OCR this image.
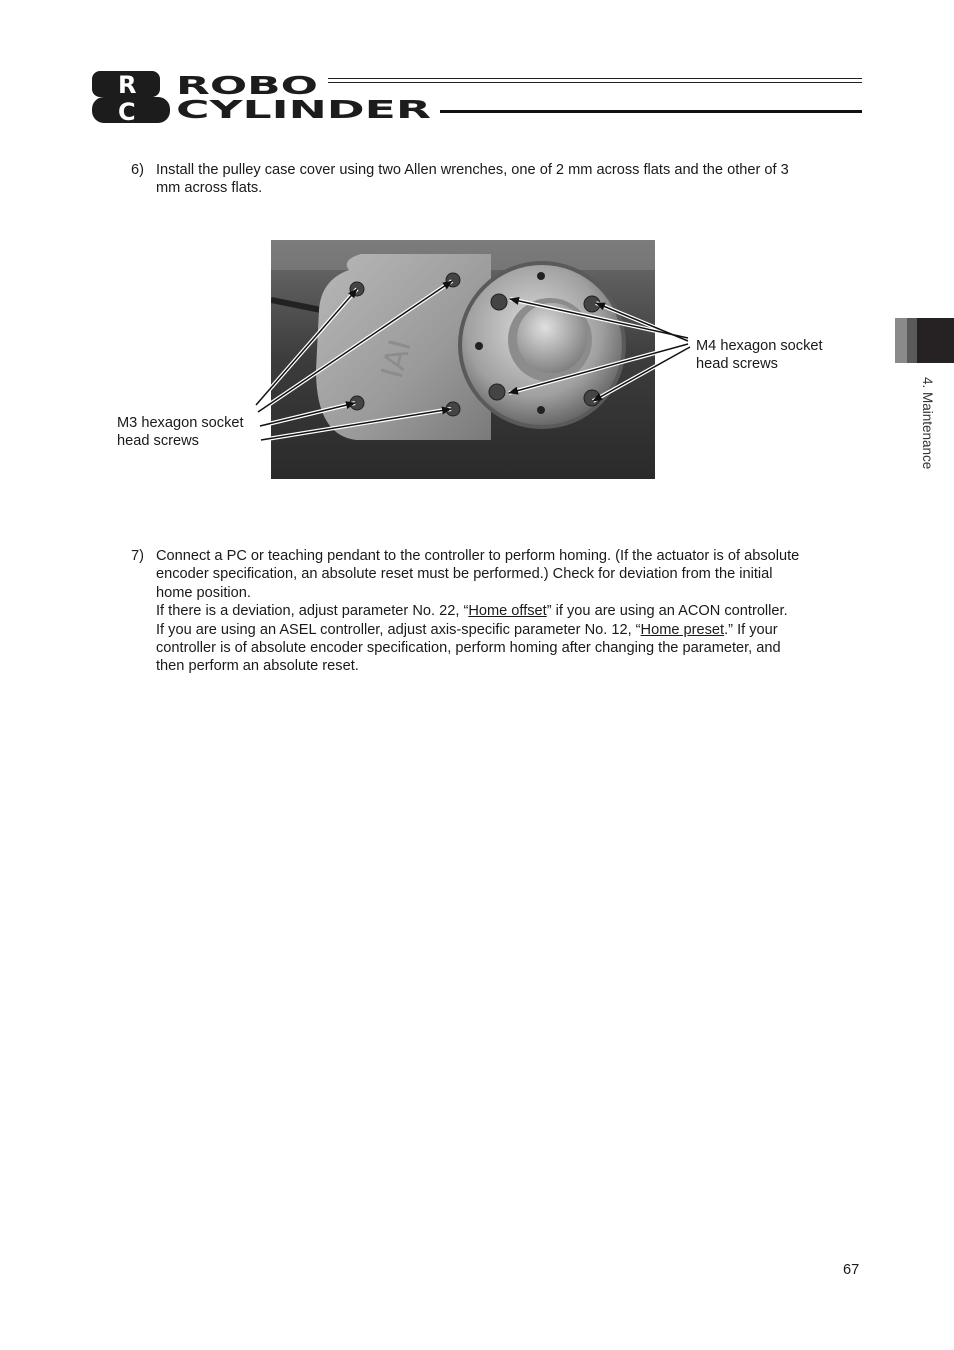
R
C
ROBO
CYLINDER
6) Install the pulley case cover using two Allen wrenches, one of 2 mm across flats and the other of 3
mm across flats.
IAI	M4 hexagon socket
head screws
M3 hexagon socket
head screws
7) Connect a PC or teaching pendant to the controller to perform homing. (If the actuator is of absolute
encoder specification, an absolute reset must be performed.) Check for deviation from the initial
home position.
If there is a deviation, adjust parameter No. 22, “Home offset” if you are using an ACON controller.
If you are using an ASEL controller, adjust axis-specific parameter No. 12, “Home preset.” If your
controller is of absolute encoder specification, perform homing after changing the parameter, and
then perform an absolute reset.
4. Maintenance
67
